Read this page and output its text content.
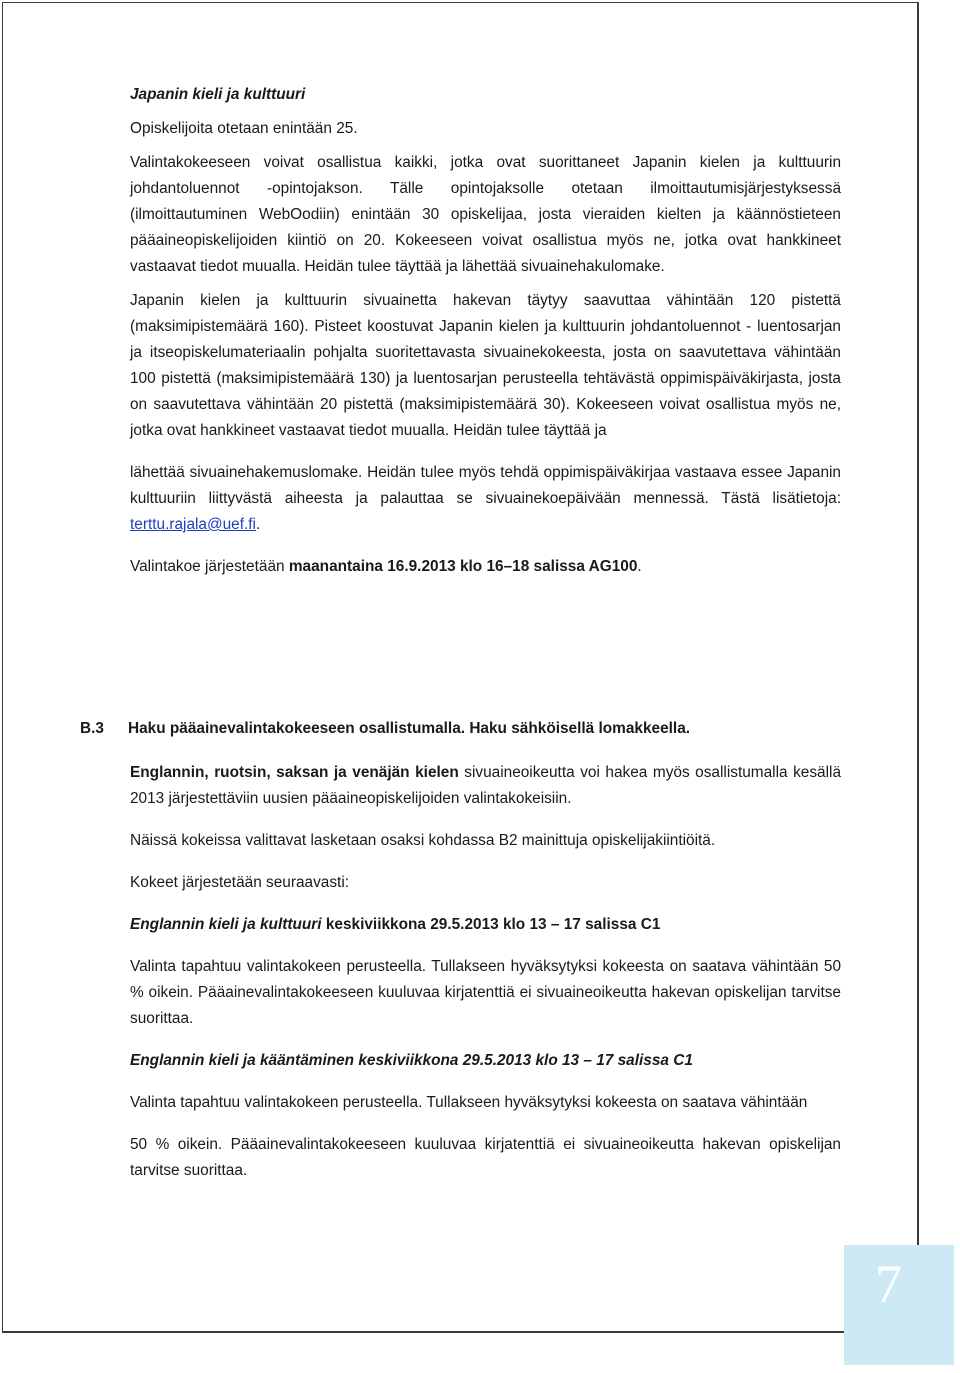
7

Japanin kieli ja kulttuuri

Opiskelijoita otetaan enintään 25.

Valintakokeeseen voivat osallistua kaikki, jotka ovat suorittaneet Japanin kielen ja kulttuurin johdantoluennot -opintojakson. Tälle opintojaksolle otetaan ilmoittautumisjärjestyksessä (ilmoittautuminen WebOodiin) enintään 30 opiskelijaa, josta vieraiden kielten ja käännöstieteen pääaineopiskelijoiden kiintiö on 20. Kokeeseen voivat osallistua myös ne, jotka ovat hankkineet vastaavat tiedot muualla. Heidän tulee täyttää ja lähettää sivuainehakulomake.

Japanin kielen ja kulttuurin sivuainetta hakevan täytyy saavuttaa vähintään 120 pistettä (maksimipistemäärä 160). Pisteet koostuvat Japanin kielen ja kulttuurin johdantoluennot - luentosarjan ja itseopiskelumateriaalin pohjalta suoritettavasta sivuainekokeesta, josta on saavutettava vähintään 100 pistettä (maksimipistemäärä 130) ja luentosarjan perusteella tehtävästä oppimispäiväkirjasta, josta on saavutettava vähintään 20 pistettä (maksimipistemäärä 30). Kokeeseen voivat osallistua myös ne, jotka ovat hankkineet vastaavat tiedot muualla. Heidän tulee täyttää ja

lähettää sivuainehakemuslomake. Heidän tulee myös tehdä oppimispäiväkirjaa vastaava essee Japanin kulttuuriin liittyvästä aiheesta ja palauttaa se sivuainekoepäivään mennessä. Tästä lisätietoja: terttu.rajala@uef.fi.

Valintakoe järjestetään maanantaina 16.9.2013 klo 16–18 salissa AG100.

B.3 Haku pääainevalintakokeeseen osallistumalla. Haku sähköisellä lomakkeella.

Englannin, ruotsin, saksan ja venäjän kielen sivuaineoikeutta voi hakea myös osallistumalla kesällä 2013 järjestettäviin uusien pääaineopiskelijoiden valintakokeisiin.

Näissä kokeissa valittavat lasketaan osaksi kohdassa B2 mainittuja opiskelijakiintiöitä.

Kokeet järjestetään seuraavasti:

Englannin kieli ja kulttuuri keskiviikkona 29.5.2013 klo 13 – 17 salissa C1

Valinta tapahtuu valintakokeen perusteella. Tullakseen hyväksytyksi kokeesta on saatava vähintään 50 % oikein. Pääainevalintakokeeseen kuuluvaa kirjatenttiä ei sivuaineoikeutta hakevan opiskelijan tarvitse suorittaa.

Englannin kieli ja kääntäminen keskiviikkona 29.5.2013 klo 13 – 17 salissa C1

Valinta tapahtuu valintakokeen perusteella. Tullakseen hyväksytyksi kokeesta on saatava vähintään

50 % oikein. Pääainevalintakokeeseen kuuluvaa kirjatenttiä ei sivuaineoikeutta hakevan opiskelijan tarvitse suorittaa.
